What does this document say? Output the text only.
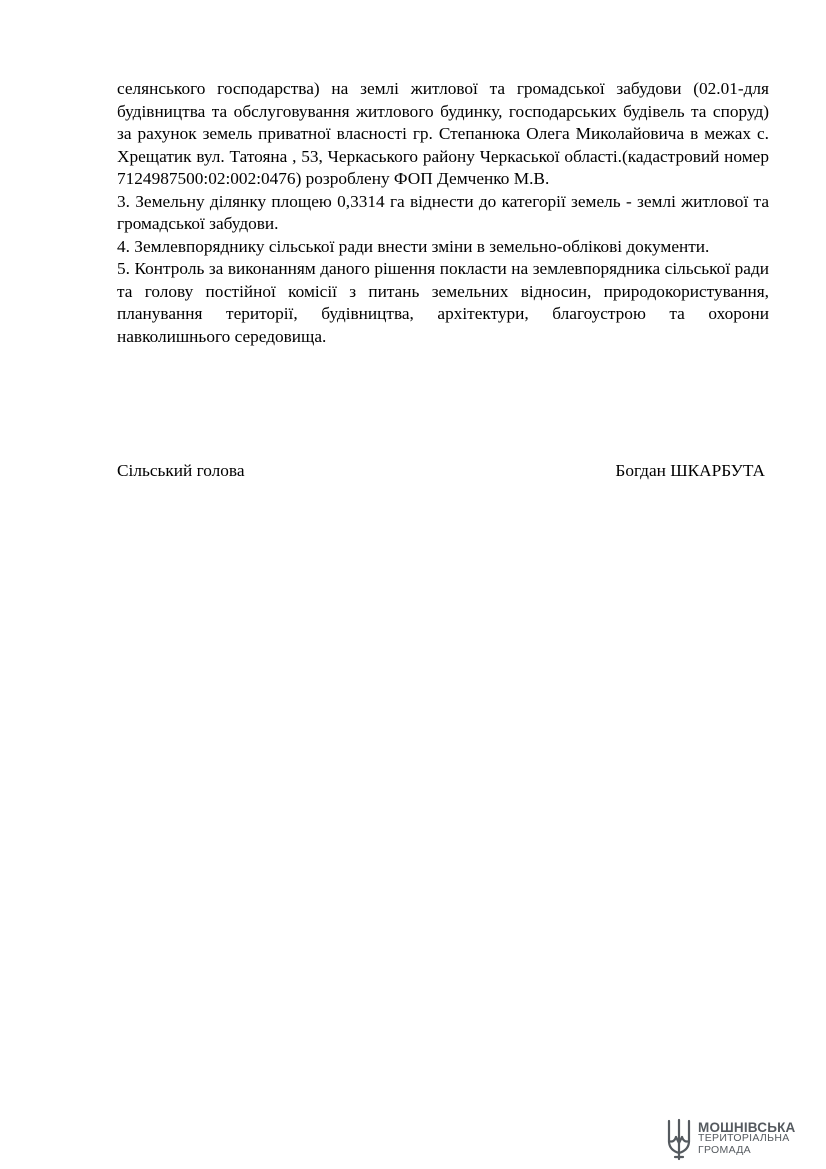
селянського господарства) на землі житлової та громадської забудови (02.01-для будівництва та обслуговування житлового будинку, господарських будівель та споруд) за рахунок земель приватної власності гр. Степанюка Олега Миколайовича в межах с. Хрещатик вул. Татояна , 53, Черкаського району Черкаської області.(кадастровий номер 7124987500:02:002:0476) розроблену ФОП Демченко М.В.

3. Земельну ділянку площею 0,3314 га віднести до категорії земель - землі житлової та громадської забудови.

4. Землевпоряднику сільської ради внести зміни в земельно-облікові документи.

5. Контроль за виконанням даного рішення покласти на землевпорядника сільської ради та голову постійної комісії з питань земельних відносин, природокористування, планування території, будівництва, архітектури, благоустрою та охорони навколишнього середовища.

Сільський голова	Богдан ШКАРБУТА
МОШНІВСЬКА
ТЕРИТОРІАЛЬНА
ГРОМАДА
